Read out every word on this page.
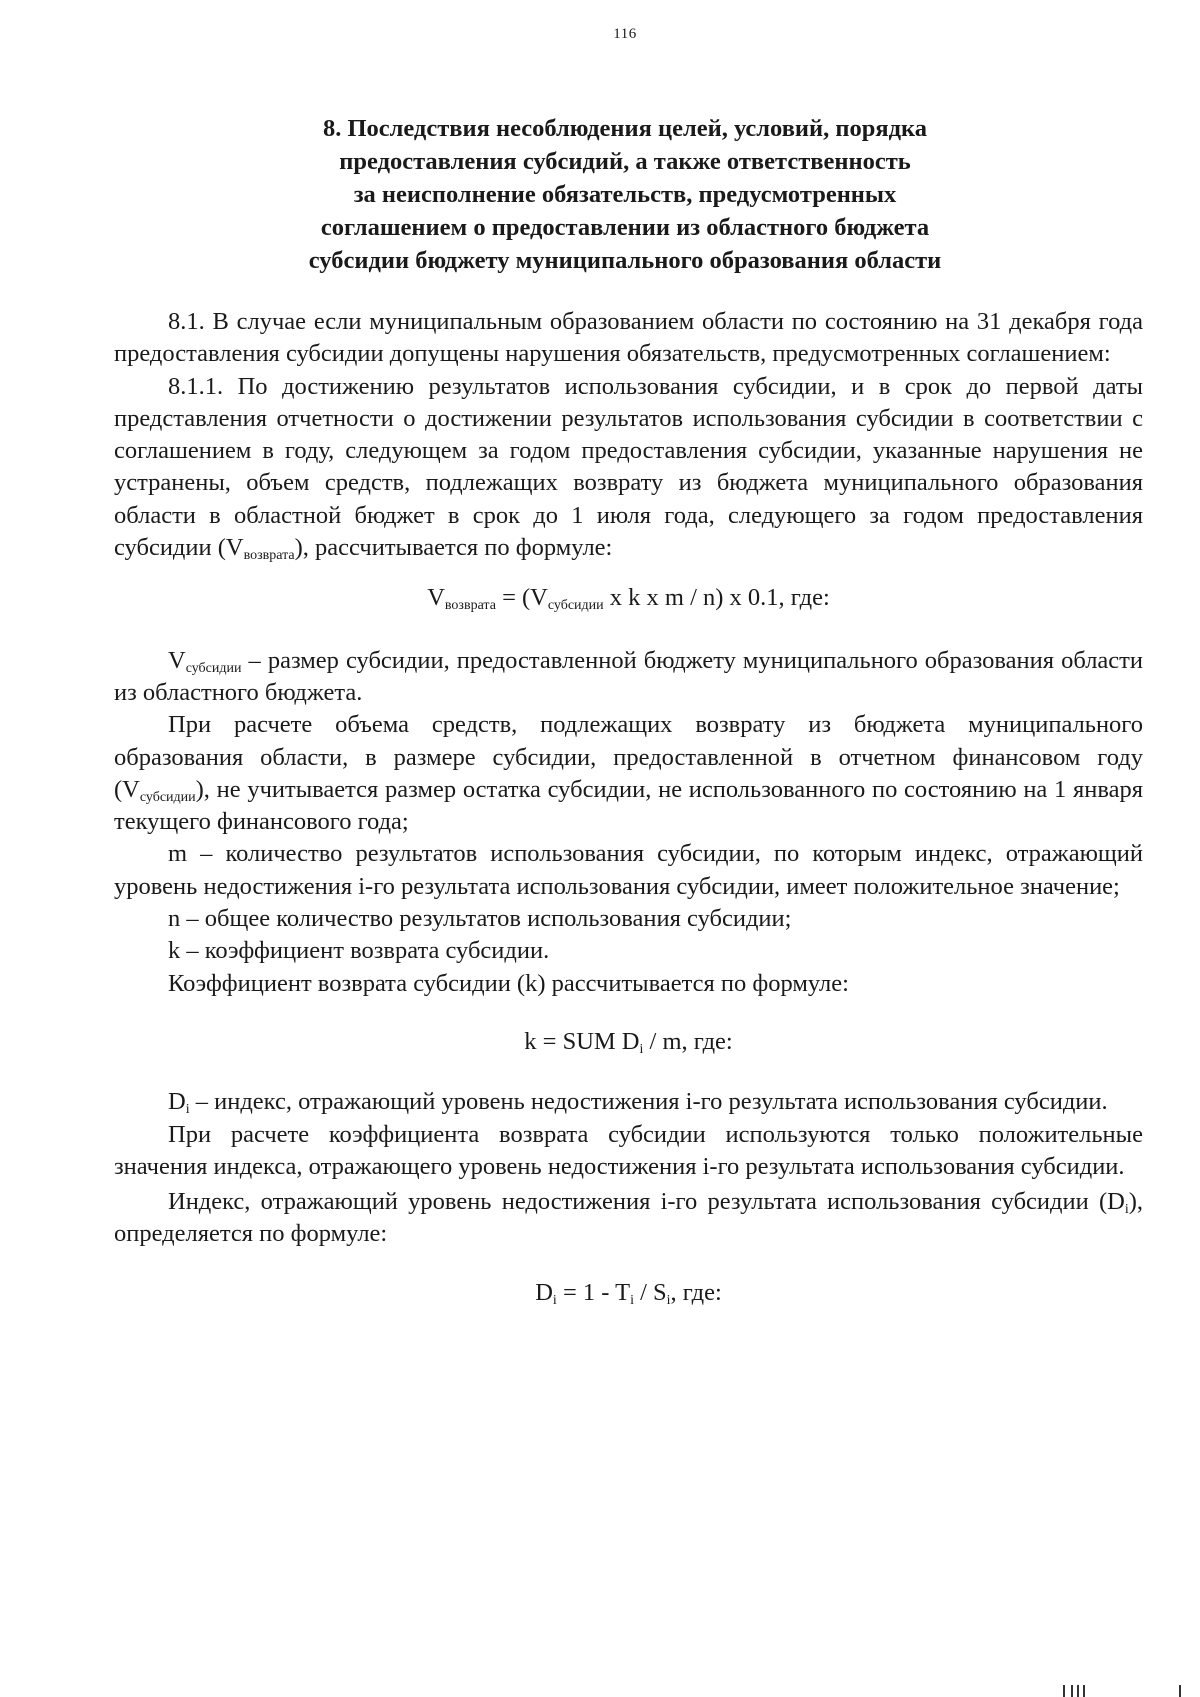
116
8. Последствия несоблюдения целей, условий, порядка
предоставления субсидий, а также ответственность
за неисполнение обязательств, предусмотренных
соглашением о предоставлении из областного бюджета
субсидии бюджету муниципального образования области

8.1. В случае если муниципальным образованием области по состоянию на 31 декабря года предоставления субсидии допущены нарушения обязательств, предусмотренных соглашением:

8.1.1. По достижению результатов использования субсидии, и в срок до первой даты представления отчетности о достижении результатов использования субсидии в соответствии с соглашением в году, следующем за годом предоставления субсидии, указанные нарушения не устранены, объем средств, подлежащих возврату из бюджета муниципального образования области в областной бюджет в срок до 1 июля года, следующего за годом предоставления субсидии $(V_{возврата})$, рассчитывается по формуле:

$V_{возврата} = (V_{субсидии}$ x k x m / n) x 0.1, где:

$V_{субсидии}$ – размер субсидии, предоставленной бюджету муниципального образования области из областного бюджета.

При расчете объема средств, подлежащих возврату из бюджета муниципального образования области, в размере субсидии, предоставленной в отчетном финансовом году $(V_{субсидии})$, не учитывается размер остатка субсидии, не использованного по состоянию на 1 января текущего финансового года;

m – количество результатов использования субсидии, по которым индекс, отражающий уровень недостижения i-го результата использования субсидии, имеет положительное значение;

n – общее количество результатов использования субсидии;

k – коэффициент возврата субсидии.

Коэффициент возврата субсидии (k) рассчитывается по формуле:

k = SUM $D_i$ / m, где:

$D_i$ – индекс, отражающий уровень недостижения i-го результата использования субсидии.

При расчете коэффициента возврата субсидии используются только положительные значения индекса, отражающего уровень недостижения i-го результата использования субсидии.

Индекс, отражающий уровень недостижения i-го результата использования субсидии $(D_i)$, определяется по формуле:

$D_i = 1 - T_i / S_i$, где:
